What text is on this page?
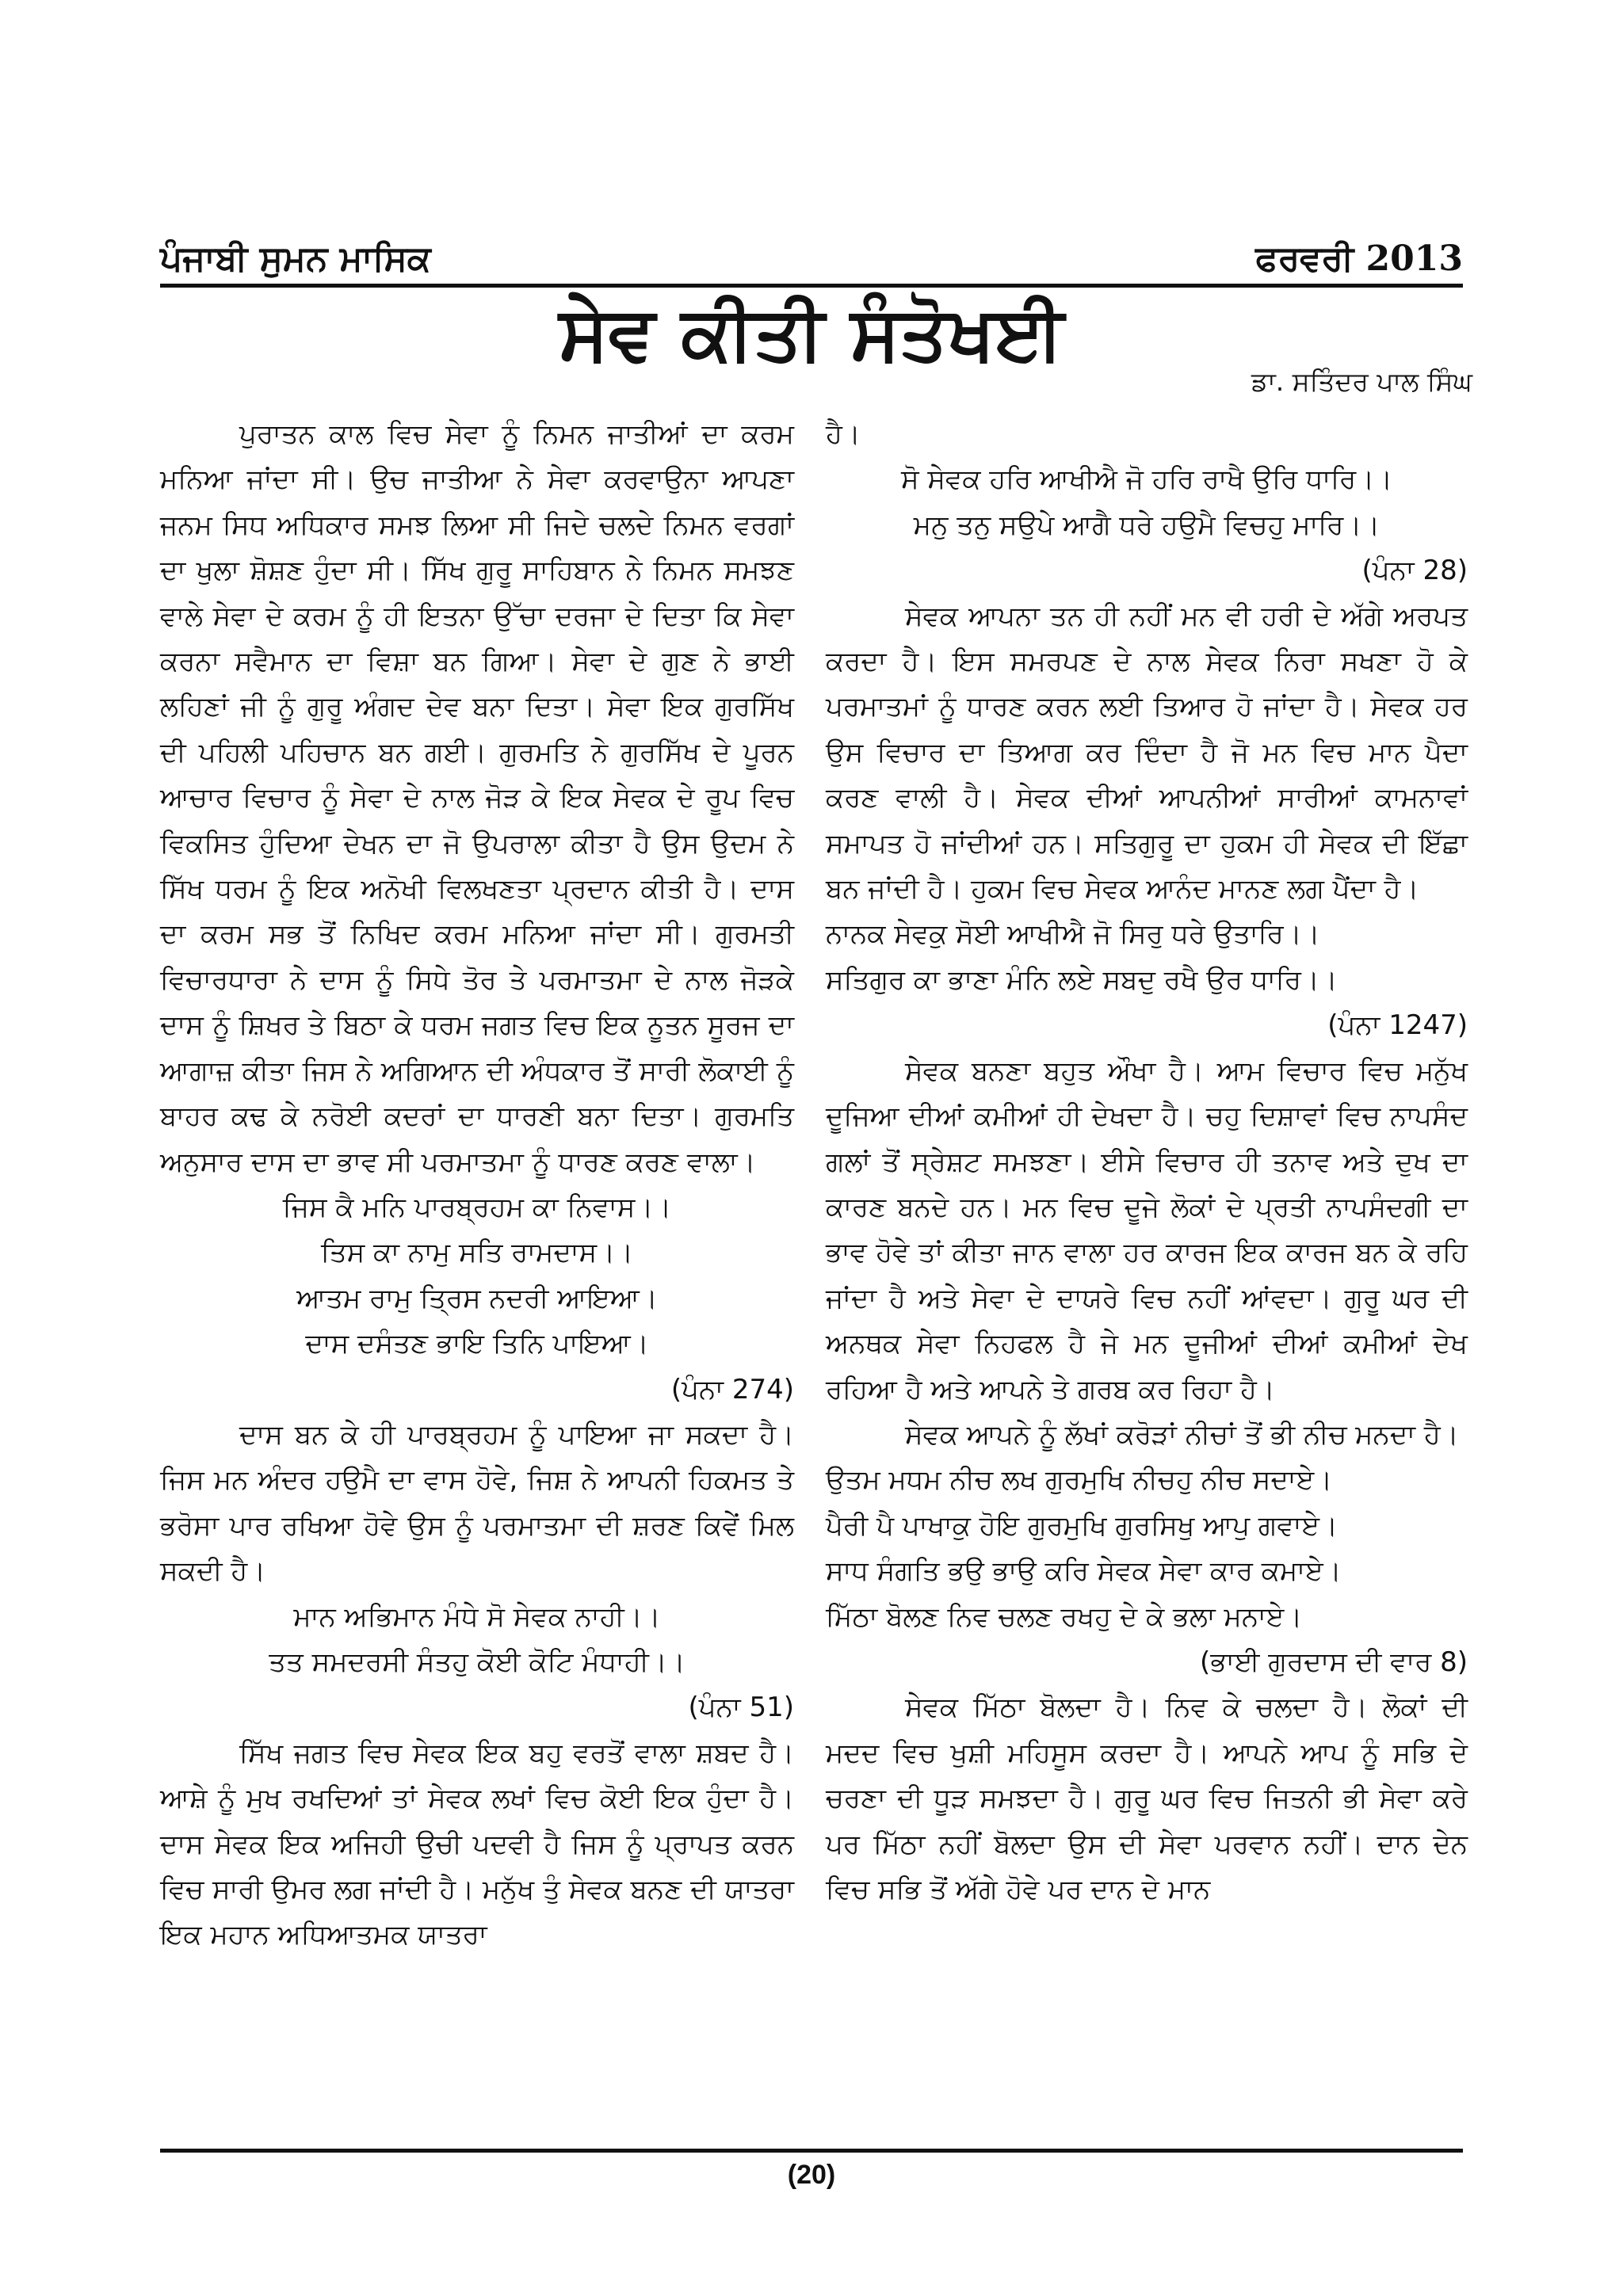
ਪੰਜਾਬੀ ਸੁਮਨ ਮਾਸਿਕ	ਫਰਵਰੀ 2013
ਸੇਵ ਕੀਤੀ ਸੰਤੋਖਈ
ਡਾ. ਸਤਿੰਦਰ ਪਾਲ ਸਿੰਘ

ਪੁਰਾਤਨ ਕਾਲ ਵਿਚ ਸੇਵਾ ਨੂੰ ਨਿਮਨ ਜਾਤੀਆਂ ਦਾ ਕਰਮ ਮਨਿਆ ਜਾਂਦਾ ਸੀ। ਉਚ ਜਾਤੀਆ ਨੇ ਸੇਵਾ ਕਰਵਾਉਨਾ ਆਪਣਾ ਜਨਮ ਸਿਧ ਅਧਿਕਾਰ ਸਮਝ ਲਿਆ ਸੀ ਜਿਦੇ ਚਲਦੇ ਨਿਮਨ ਵਰਗਾਂ ਦਾ ਖੁਲਾ ਸ਼ੋਸ਼ਣ ਹੁੰਦਾ ਸੀ। ਸਿੱਖ ਗੁਰੂ ਸਾਹਿਬਾਨ ਨੇ ਨਿਮਨ ਸਮਝਣ ਵਾਲੇ ਸੇਵਾ ਦੇ ਕਰਮ ਨੂੰ ਹੀ ਇਤਨਾ ਉੱਚਾ ਦਰਜਾ ਦੇ ਦਿਤਾ ਕਿ ਸੇਵਾ ਕਰਨਾ ਸਵੈਮਾਨ ਦਾ ਵਿਸ਼ਾ ਬਨ ਗਿਆ। ਸੇਵਾ ਦੇ ਗੁਣ ਨੇ ਭਾਈ ਲਹਿਣਾਂ ਜੀ ਨੂੰ ਗੁਰੂ ਅੰਗਦ ਦੇਵ ਬਨਾ ਦਿਤਾ। ਸੇਵਾ ਇਕ ਗੁਰਸਿੱਖ ਦੀ ਪਹਿਲੀ ਪਹਿਚਾਨ ਬਨ ਗਈ। ਗੁਰਮਤਿ ਨੇ ਗੁਰਸਿੱਖ ਦੇ ਪੂਰਨ ਆਚਾਰ ਵਿਚਾਰ ਨੂੰ ਸੇਵਾ ਦੇ ਨਾਲ ਜੋੜ ਕੇ ਇਕ ਸੇਵਕ ਦੇ ਰੂਪ ਵਿਚ ਵਿਕਸਿਤ ਹੁੰਦਿਆ ਦੇਖਨ ਦਾ ਜੋ ਉਪਰਾਲਾ ਕੀਤਾ ਹੈ ਉਸ ਉਦਮ ਨੇ ਸਿੱਖ ਧਰਮ ਨੂੰ ਇਕ ਅਨੋਖੀ ਵਿਲਖਣਤਾ ਪ੍ਰਦਾਨ ਕੀਤੀ ਹੈ। ਦਾਸ ਦਾ ਕਰਮ ਸਭ ਤੋਂ ਨਿਖਿਦ ਕਰਮ ਮਨਿਆ ਜਾਂਦਾ ਸੀ। ਗੁਰਮਤੀ ਵਿਚਾਰਧਾਰਾ ਨੇ ਦਾਸ ਨੂੰ ਸਿਧੇ ਤੋਰ ਤੇ ਪਰਮਾਤਮਾ ਦੇ ਨਾਲ ਜੋੜਕੇ ਦਾਸ ਨੂੰ ਸ਼ਿਖਰ ਤੇ ਬਿਠਾ ਕੇ ਧਰਮ ਜਗਤ ਵਿਚ ਇਕ ਨੂਤਨ ਸੂਰਜ ਦਾ ਆਗਾਜ਼ ਕੀਤਾ ਜਿਸ ਨੇ ਅਗਿਆਨ ਦੀ ਅੰਧਕਾਰ ਤੋਂ ਸਾਰੀ ਲੋਕਾਈ ਨੂੰ ਬਾਹਰ ਕਢ ਕੇ ਨਰੋਈ ਕਦਰਾਂ ਦਾ ਧਾਰਣੀ ਬਨਾ ਦਿਤਾ। ਗੁਰਮਤਿ ਅਨੁਸਾਰ ਦਾਸ ਦਾ ਭਾਵ ਸੀ ਪਰਮਾਤਮਾ ਨੂੰ ਧਾਰਣ ਕਰਣ ਵਾਲਾ।

ਜਿਸ ਕੈ ਮਨਿ ਪਾਰਬ੍ਰਹਮ ਕਾ ਨਿਵਾਸ।।

ਤਿਸ ਕਾ ਨਾਮੁ ਸਤਿ ਰਾਮਦਾਸ।।

ਆਤਮ ਰਾਮੁ ਤ੍ਰਿਸ ਨਦਰੀ ਆਇਆ।

ਦਾਸ ਦਸੰਤਣ ਭਾਇ ਤਿਨਿ ਪਾਇਆ।

(ਪੰਨਾ 274)

ਦਾਸ ਬਨ ਕੇ ਹੀ ਪਾਰਬ੍ਰਹਮ ਨੂੰ ਪਾਇਆ ਜਾ ਸਕਦਾ ਹੈ। ਜਿਸ ਮਨ ਅੰਦਰ ਹਉਮੈ ਦਾ ਵਾਸ ਹੋਵੇ, ਜਿਸ਼ ਨੇ ਆਪਨੀ ਹਿਕਮਤ ਤੇ ਭਰੋਸਾ ਪਾਰ ਰਖਿਆ ਹੋਵੇ ਉਸ ਨੂੰ ਪਰਮਾਤਮਾ ਦੀ ਸ਼ਰਣ ਕਿਵੇਂ ਮਿਲ ਸਕਦੀ ਹੈ।

ਮਾਨ ਅਭਿਮਾਨ ਮੰਧੇ ਸੋ ਸੇਵਕ ਨਾਹੀ।।

ਤਤ ਸਮਦਰਸੀ ਸੰਤਹੁ ਕੋਈ ਕੋਟਿ ਮੰਧਾਹੀ।।

(ਪੰਨਾ 51)

ਸਿੱਖ ਜਗਤ ਵਿਚ ਸੇਵਕ ਇਕ ਬਹੁ ਵਰਤੋਂ ਵਾਲਾ ਸ਼ਬਦ ਹੈ। ਆਸ਼ੇ ਨੂੰ ਮੁਖ ਰਖਦਿਆਂ ਤਾਂ ਸੇਵਕ ਲਖਾਂ ਵਿਚ ਕੋਈ ਇਕ ਹੁੰਦਾ ਹੈ। ਦਾਸ ਸੇਵਕ ਇਕ ਅਜਿਹੀ ਉਚੀ ਪਦਵੀ ਹੈ ਜਿਸ ਨੂੰ ਪ੍ਰਾਪਤ ਕਰਨ ਵਿਚ ਸਾਰੀ ਉਮਰ ਲਗ ਜਾਂਦੀ ਹੈ। ਮਨੁੱਖ ਤੁੰ ਸੇਵਕ ਬਨਣ ਦੀ ਯਾਤਰਾ ਇਕ ਮਹਾਨ ਅਧਿਆਤਮਕ ਯਾਤਰਾ

ਹੈ।

ਸੋ ਸੇਵਕ ਹਰਿ ਆਖੀਐ ਜੋ ਹਰਿ ਰਾਖੈ ਉਰਿ ਧਾਰਿ।।

ਮਨੁ ਤਨੁ ਸਉਪੇ ਆਗੈ ਧਰੇ ਹਉਮੈ ਵਿਚਹੁ ਮਾਰਿ।।

(ਪੰਨਾ 28)

ਸੇਵਕ ਆਪਨਾ ਤਨ ਹੀ ਨਹੀਂ ਮਨ ਵੀ ਹਰੀ ਦੇ ਅੱਗੇ ਅਰਪਤ ਕਰਦਾ ਹੈ। ਇਸ ਸਮਰਪਣ ਦੇ ਨਾਲ ਸੇਵਕ ਨਿਰਾ ਸਖਣਾ ਹੋ ਕੇ ਪਰਮਾਤਮਾਂ ਨੂੰ ਧਾਰਣ ਕਰਨ ਲਈ ਤਿਆਰ ਹੋ ਜਾਂਦਾ ਹੈ। ਸੇਵਕ ਹਰ ਉਸ ਵਿਚਾਰ ਦਾ ਤਿਆਗ ਕਰ ਦਿੰਦਾ ਹੈ ਜੋ ਮਨ ਵਿਚ ਮਾਨ ਪੈਦਾ ਕਰਣ ਵਾਲੀ ਹੈ। ਸੇਵਕ ਦੀਆਂ ਆਪਨੀਆਂ ਸਾਰੀਆਂ ਕਾਮਨਾਵਾਂ ਸਮਾਪਤ ਹੋ ਜਾਂਦੀਆਂ ਹਨ। ਸਤਿਗੁਰੂ ਦਾ ਹੁਕਮ ਹੀ ਸੇਵਕ ਦੀ ਇੱਛਾ ਬਨ ਜਾਂਦੀ ਹੈ। ਹੁਕਮ ਵਿਚ ਸੇਵਕ ਆਨੰਦ ਮਾਨਣ ਲਗ ਪੈਂਦਾ ਹੈ।

ਨਾਨਕ ਸੇਵਕੁ ਸੋਈ ਆਖੀਐ ਜੋ ਸਿਰੁ ਧਰੇ ਉਤਾਰਿ।।

ਸਤਿਗੁਰ ਕਾ ਭਾਣਾ ਮੰਨਿ ਲਏ ਸਬਦੁ ਰਖੈ ਉਰ ਧਾਰਿ।।

(ਪੰਨਾ 1247)

ਸੇਵਕ ਬਨਣਾ ਬਹੁਤ ਔਖਾ ਹੈ। ਆਮ ਵਿਚਾਰ ਵਿਚ ਮਨੁੱਖ ਦੂਜਿਆ ਦੀਆਂ ਕਮੀਆਂ ਹੀ ਦੇਖਦਾ ਹੈ। ਚਹੁ ਦਿਸ਼ਾਵਾਂ ਵਿਚ ਨਾਪਸੰਦ ਗਲਾਂ ਤੋਂ ਸ੍ਰੇਸ਼ਟ ਸਮਝਣਾ। ਈਸੇ ਵਿਚਾਰ ਹੀ ਤਨਾਵ ਅਤੇ ਦੁਖ ਦਾ ਕਾਰਣ ਬਨਦੇ ਹਨ। ਮਨ ਵਿਚ ਦੂਜੇ ਲੋਕਾਂ ਦੇ ਪ੍ਰਤੀ ਨਾਪਸੰਦਗੀ ਦਾ ਭਾਵ ਹੋਵੇ ਤਾਂ ਕੀਤਾ ਜਾਨ ਵਾਲਾ ਹਰ ਕਾਰਜ ਇਕ ਕਾਰਜ ਬਨ ਕੇ ਰਹਿ ਜਾਂਦਾ ਹੈ ਅਤੇ ਸੇਵਾ ਦੇ ਦਾਯਰੇ ਵਿਚ ਨਹੀਂ ਆਂਵਦਾ। ਗੁਰੂ ਘਰ ਦੀ ਅਨਥਕ ਸੇਵਾ ਨਿਹਫਲ ਹੈ ਜੇ ਮਨ ਦੂਜੀਆਂ ਦੀਆਂ ਕਮੀਆਂ ਦੇਖ ਰਹਿਆ ਹੈ ਅਤੇ ਆਪਨੇ ਤੇ ਗਰਬ ਕਰ ਰਿਹਾ ਹੈ।

ਸੇਵਕ ਆਪਨੇ ਨੂੰ ਲੱਖਾਂ ਕਰੋੜਾਂ ਨੀਚਾਂ ਤੋਂ ਭੀ ਨੀਚ ਮਨਦਾ ਹੈ।

ਉਤਮ ਮਧਮ ਨੀਚ ਲਖ ਗੁਰਮੁਖਿ ਨੀਚਹੁ ਨੀਚ ਸਦਾਏ।

ਪੈਰੀ ਪੈ ਪਾਖਾਕੁ ਹੋਇ ਗੁਰਮੁਖਿ ਗੁਰਸਿਖੁ ਆਪੁ ਗਵਾਏ।

ਸਾਧ ਸੰਗਤਿ ਭਉ ਭਾਉ ਕਰਿ ਸੇਵਕ ਸੇਵਾ ਕਾਰ ਕਮਾਏ।

ਮਿੱਠਾ ਬੋਲਣ ਨਿਵ ਚਲਣ ਰਖਹੁ ਦੇ ਕੇ ਭਲਾ ਮਨਾਏ।

(ਭਾਈ ਗੁਰਦਾਸ ਦੀ ਵਾਰ 8)

ਸੇਵਕ ਮਿੱਠਾ ਬੋਲਦਾ ਹੈ। ਨਿਵ ਕੇ ਚਲਦਾ ਹੈ। ਲੋਕਾਂ ਦੀ ਮਦਦ ਵਿਚ ਖੁਸ਼ੀ ਮਹਿਸੂਸ ਕਰਦਾ ਹੈ। ਆਪਨੇ ਆਪ ਨੂੰ ਸਭਿ ਦੇ ਚਰਣਾ ਦੀ ਧੂੜ ਸਮਝਦਾ ਹੈ। ਗੁਰੂ ਘਰ ਵਿਚ ਜਿਤਨੀ ਭੀ ਸੇਵਾ ਕਰੇ ਪਰ ਮਿੱਠਾ ਨਹੀਂ ਬੋਲਦਾ ਉਸ ਦੀ ਸੇਵਾ ਪਰਵਾਨ ਨਹੀਂ। ਦਾਨ ਦੇਨ ਵਿਚ ਸਭਿ ਤੋਂ ਅੱਗੇ ਹੋਵੇ ਪਰ ਦਾਨ ਦੇ ਮਾਨ

(20)
